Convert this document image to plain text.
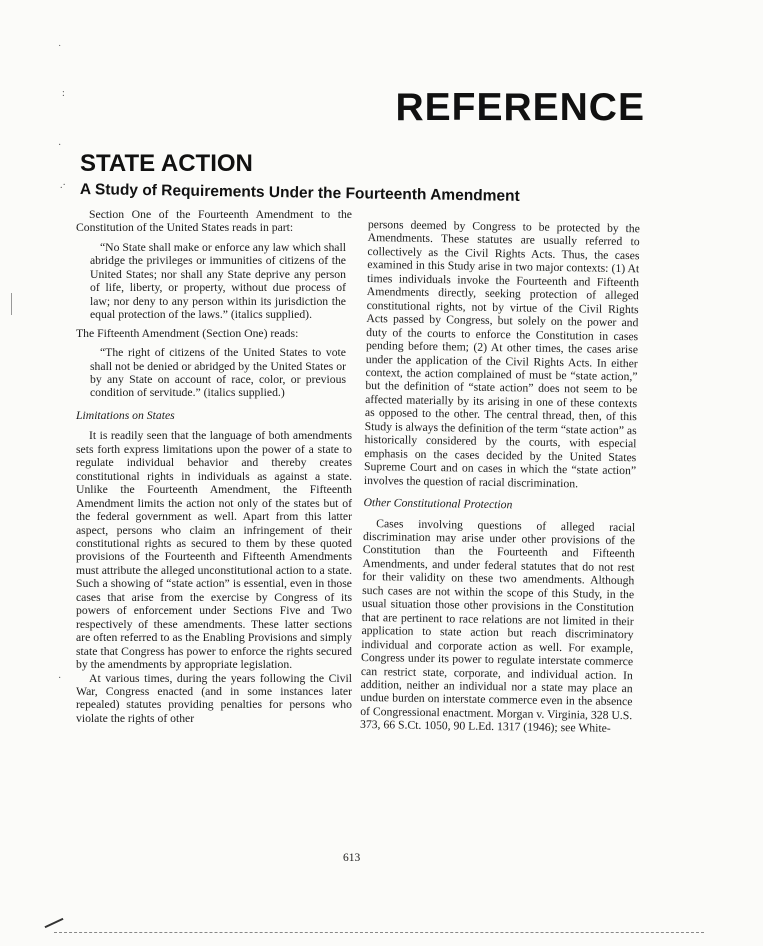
˙
:
·
.·
·
REFERENCE
STATE ACTION
A Study of Requirements Under the Fourteenth Amendment

Section One of the Fourteenth Amendment to the Constitution of the United States reads in part:

“No State shall make or enforce any law which shall abridge the privileges or immunities of citizens of the United States; nor shall any State deprive any person of life, liberty, or property, without due process of law; nor deny to any person within its jurisdiction the equal protection of the laws.” (italics supplied).

The Fifteenth Amendment (Section One) reads:

“The right of citizens of the United States to vote shall not be denied or abridged by the United States or by any State on account of race, color, or previous condition of servitude.” (italics supplied.)
Limitations on States

It is readily seen that the language of both amendments sets forth express limitations upon the power of a state to regulate individual behavior and thereby creates constitutional rights in individuals as against a state. Unlike the Fourteenth Amendment, the Fifteenth Amendment limits the action not only of the states but of the federal government as well. Apart from this latter aspect, persons who claim an infringement of their constitutional rights as secured to them by these quoted provisions of the Fourteenth and Fifteenth Amendments must attribute the alleged unconstitutional action to a state. Such a showing of “state action” is essential, even in those cases that arise from the exercise by Congress of its powers of enforcement under Sections Five and Two respectively of these amendments. These latter sections are often referred to as the Enabling Provisions and simply state that Congress has power to enforce the rights secured by the amendments by appropriate legislation.

At various times, during the years following the Civil War, Congress enacted (and in some instances later repealed) statutes providing penalties for persons who violate the rights of other

persons deemed by Congress to be protected by the Amendments. These statutes are usually referred to collectively as the Civil Rights Acts. Thus, the cases examined in this Study arise in two major contexts: (1) At times individuals invoke the Fourteenth and Fifteenth Amendments directly, seeking protection of alleged constitutional rights, not by virtue of the Civil Rights Acts passed by Congress, but solely on the power and duty of the courts to enforce the Constitution in cases pending before them; (2) At other times, the cases arise under the application of the Civil Rights Acts. In either context, the action complained of must be “state action,” but the definition of “state action” does not seem to be affected materially by its arising in one of these contexts as opposed to the other. The central thread, then, of this Study is always the definition of the term “state action” as historically considered by the courts, with especial emphasis on the cases decided by the United States Supreme Court and on cases in which the “state action” involves the question of racial discrimination.

Other Constitutional Protection

Cases involving questions of alleged racial discrimination may arise under other provisions of the Constitution than the Fourteenth and Fifteenth Amendments, and under federal statutes that do not rest for their validity on these two amendments. Although such cases are not within the scope of this Study, in the usual situation those other provisions in the Constitution that are pertinent to race relations are not limited in their application to state action but reach discriminatory individual and corporate action as well. For example, Congress under its power to regulate interstate commerce can restrict state, corporate, and individual action. In addition, neither an individual nor a state may place an undue burden on interstate commerce even in the absence of Congressional enactment. Morgan v. Virginia, 328 U.S. 373, 66 S.Ct. 1050, 90 L.Ed. 1317 (1946); see White-

613
